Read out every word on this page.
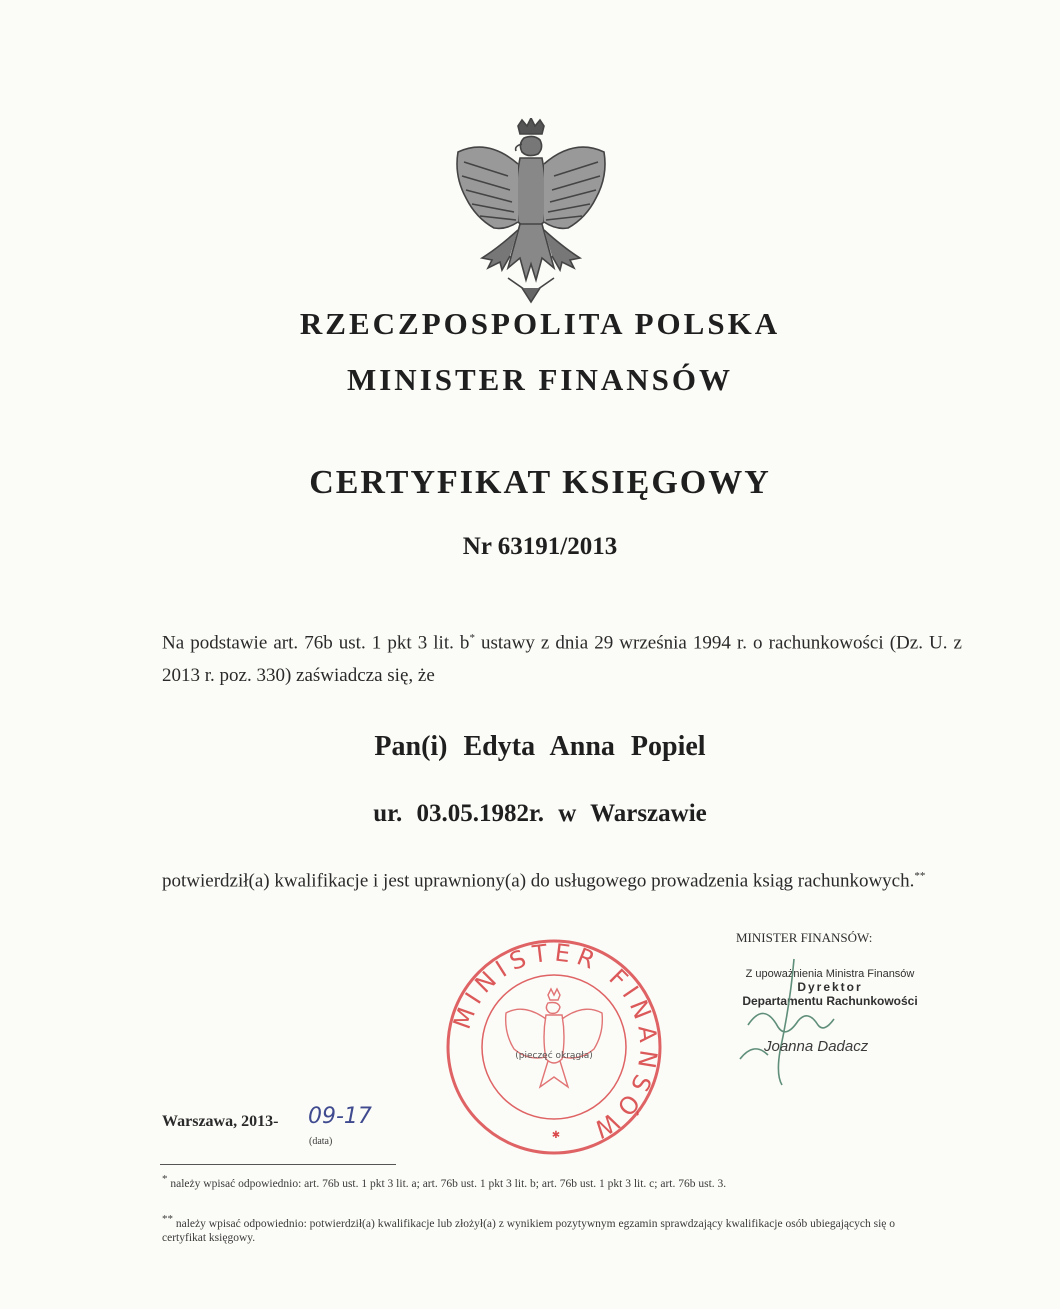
RZECZPOSPOLITA POLSKA
MINISTER FINANSÓW
CERTYFIKAT KSIĘGOWY
Nr 63191/2013
Na podstawie art. 76b ust. 1 pkt 3 lit. b* ustawy z dnia 29 września 1994 r. o rachunkowości (Dz. U. z 2013 r. poz. 330) zaświadcza się, że
Pan(i) Edyta Anna Popiel
ur. 03.05.1982r. w Warszawie
potwierdził(a) kwalifikacje i jest uprawniony(a) do usługowego prowadzenia ksiąg rachunkowych.**
MINISTER FINANSÓW
(pieczęć okrągła)
✱
MINISTER FINANSÓW:
Z upoważnienia Ministra Finansów
Dyrektor
Departamentu Rachunkowości
Joanna Dadacz
Warszawa, 2013- 09-17
(data)
* należy wpisać odpowiednio: art. 76b ust. 1 pkt 3 lit. a; art. 76b ust. 1 pkt 3 lit. b; art. 76b ust. 1 pkt 3 lit. c; art. 76b ust. 3.
** należy wpisać odpowiednio: potwierdził(a) kwalifikacje lub złożył(a) z wynikiem pozytywnym egzamin sprawdzający kwalifikacje osób ubiegających się o certyfikat księgowy.
